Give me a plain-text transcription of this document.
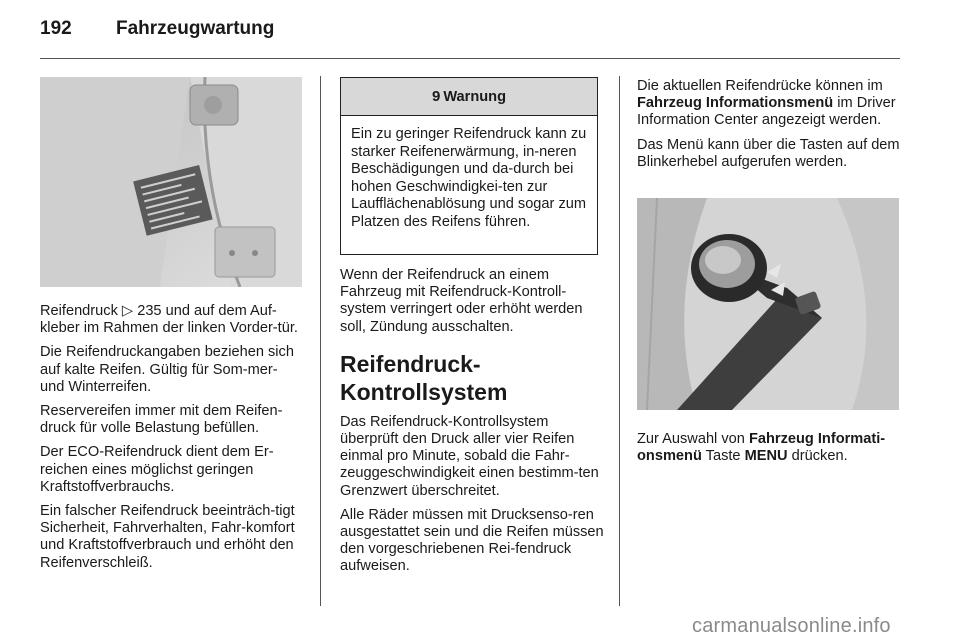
192 Fahrzeugwartung

Reifendruck ▷ 235 und auf dem Auf-kleber im Rahmen der linken Vorder-tür.

Die Reifendruckangaben beziehen sich auf kalte Reifen. Gültig für Som-mer- und Winterreifen.

Reservereifen immer mit dem Reifen-druck für volle Belastung befüllen.

Der ECO-Reifendruck dient dem Er-reichen eines möglichst geringen Kraftstoffverbrauchs.

Ein falscher Reifendruck beeinträch-tigt Sicherheit, Fahrverhalten, Fahr-komfort und Kraftstoffverbrauch und erhöht den Reifenverschleiß.

9 Warnung
Ein zu geringer Reifendruck kann zu starker Reifenerwärmung, in-neren Beschädigungen und da-durch bei hohen Geschwindigkei-ten zur Laufflächenablösung und sogar zum Platzen des Reifens führen.

Wenn der Reifendruck an einem Fahrzeug mit Reifendruck-Kontroll-system verringert oder erhöht werden soll, Zündung ausschalten.

Reifendruck-Kontrollsystem

Das Reifendruck-Kontrollsystem überprüft den Druck aller vier Reifen einmal pro Minute, sobald die Fahr-zeuggeschwindigkeit einen bestimm-ten Grenzwert überschreitet.

Alle Räder müssen mit Drucksenso-ren ausgestattet sein und die Reifen müssen den vorgeschriebenen Rei-fendruck aufweisen.

Die aktuellen Reifendrücke können im Fahrzeug Informationsmenü im Driver Information Center angezeigt werden.

Das Menü kann über die Tasten auf dem Blinkerhebel aufgerufen werden.

Zur Auswahl von Fahrzeug Informati-onsmenü Taste MENU drücken.

carmanualsonline.info
